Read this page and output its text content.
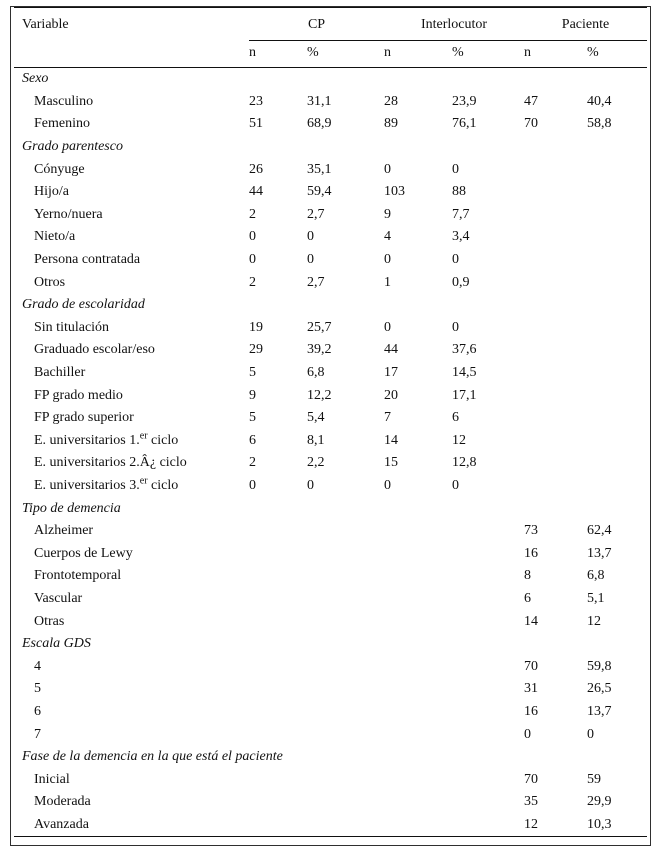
Variable	CP		Interlocutor		Paciente	
	n	%	n	%	n	%
Sexo						
Masculino	23	31,1	28	23,9	47	40,4
Femenino	51	68,9	89	76,1	70	58,8
Grado parentesco						
Cónyuge	26	35,1	0	0		
Hijo/a	44	59,4	103	88		
Yerno/nuera	2	2,7	9	7,7		
Nieto/a	0	0	4	3,4		
Persona contratada	0	0	0	0		
Otros	2	2,7	1	0,9		
Grado de escolaridad						
Sin titulación	19	25,7	0	0		
Graduado escolar/eso	29	39,2	44	37,6		
Bachiller	5	6,8	17	14,5		
FP grado medio	9	12,2	20	17,1		
FP grado superior	5	5,4	7	6		
E. universitarios 1.$^{er}$ ciclo	6	8,1	14	12		
E. universitarios 2.Â¿ ciclo	2	2,2	15	12,8		
E. universitarios 3.$^{er}$ ciclo	0	0	0	0		
Tipo de demencia						
Alzheimer					73	62,4
Cuerpos de Lewy					16	13,7
Frontotemporal					8	6,8
Vascular					6	5,1
Otras					14	12
Escala GDS						
4					70	59,8
5					31	26,5
6					16	13,7
7					0	0
Fase de la demencia en la que está el paciente						
Inicial					70	59
Moderada					35	29,9
Avanzada					12	10,3
